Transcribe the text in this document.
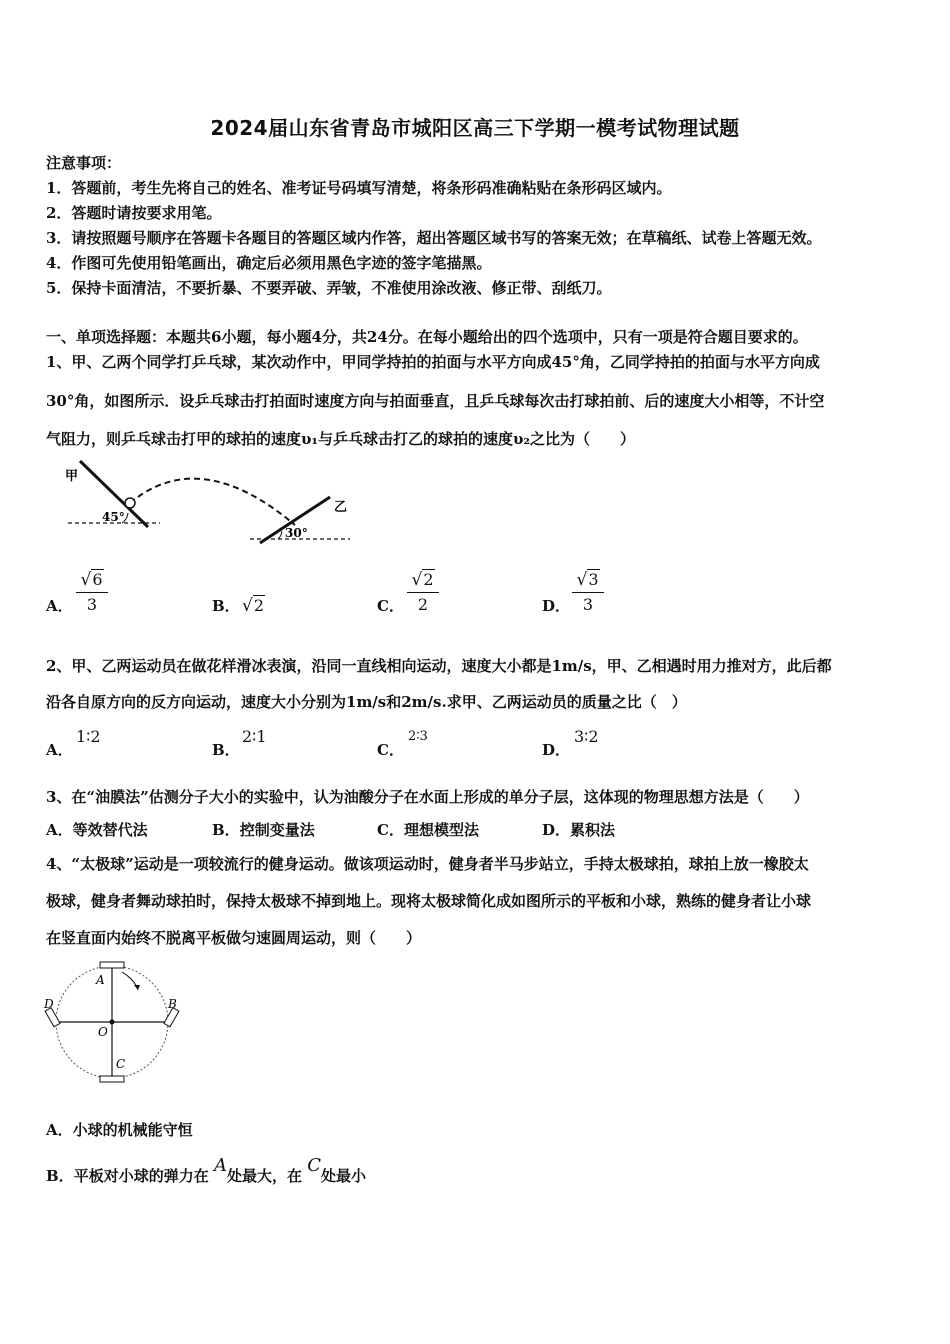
2024届山东省青岛市城阳区高三下学期一模考试物理试题
注意事项：
1．答题前，考生先将自己的姓名、准考证号码填写清楚，将条形码准确粘贴在条形码区域内。
2．答题时请按要求用笔。
3．请按照题号顺序在答题卡各题目的答题区域内作答，超出答题区域书写的答案无效；在草稿纸、试卷上答题无效。
4．作图可先使用铅笔画出，确定后必须用黑色字迹的签字笔描黑。
5．保持卡面清洁，不要折暴、不要弄破、弄皱，不准使用涂改液、修正带、刮纸刀。
一、单项选择题：本题共6小题，每小题4分，共24分。在每小题给出的四个选项中，只有一项是符合题目要求的。
1、甲、乙两个同学打乒乓球，某次动作中，甲同学持拍的拍面与水平方向成45°角，乙同学持拍的拍面与水平方向成
30°角，如图所示．设乒乓球击打拍面时速度方向与拍面垂直，且乒乓球每次击打球拍前、后的速度大小相等，不计空
气阻力，则乒乓球击打甲的球拍的速度υ₁与乒乓球击打乙的球拍的速度υ₂之比为（　　）
甲
乙
45°
30°
A．
√6
3	B． √2	C．
√2
2	D．
√3
3
2、甲、乙两运动员在做花样滑冰表演，沿同一直线相向运动，速度大小都是1m/s，甲、乙相遇时用力推对方，此后都
沿各自原方向的反方向运动，速度大小分别为1m/s和2m/s.求甲、乙两运动员的质量之比（　）
A．
1∶2
B．
2∶1
C．
2∶3
D．
3∶2
3、在“油膜法”估测分子大小的实验中，认为油酸分子在水面上形成的单分子层，这体现的物理思想方法是（　　）
A．等效替代法	B．控制变量法	C．理想模型法	D．累积法
4、“太极球”运动是一项较流行的健身运动。做该项运动时，健身者半马步站立，手持太极球拍，球拍上放一橡胶太
极球，健身者舞动球拍时，保持太极球不掉到地上。现将太极球简化成如图所示的平板和小球，熟练的健身者让小球
在竖直面内始终不脱离平板做匀速圆周运动，则（　　）
A
B
C
D
O
A．小球的机械能守恒
B．平板对小球的弹力在 A处最大，在 C处最小
